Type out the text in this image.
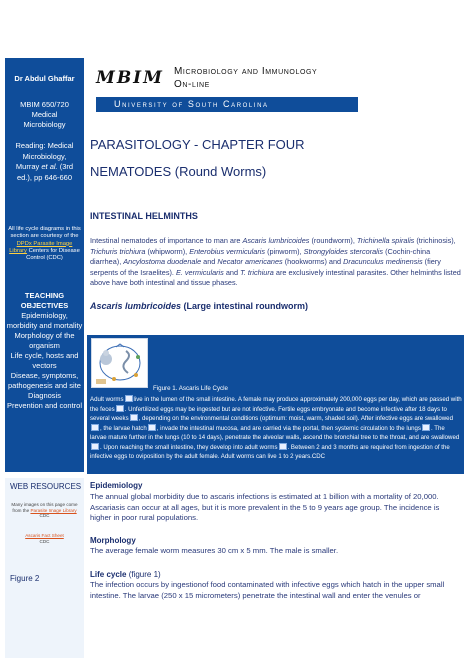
Dr Abdul Ghaffar
MBIM 650/720
Medical
Microbiology
Reading: Medical
Microbiology,
Murray et al. (3rd
ed.), pp 646-660
All life cycle diagrams in this section are courtesy of the DPDx Parasite Image Library Centers for Disease Control (CDC)
TEACHING OBJECTIVES
Epidemiology, morbidity and mortality
Morphology of the organism
Life cycle, hosts and vectors
Disease, symptoms, pathogenesis and site
Diagnosis
Prevention and control
WEB RESOURCES
Many images on this page come from the Parasite Image Library
CDC
Ascaris Fact Sheet
CDC
Figure 2
MBIM Microbiology and Immunology
On-line
University of South Carolina
PARASITOLOGY - CHAPTER FOUR
NEMATODES (Round Worms)
INTESTINAL HELMINTHS
Intestinal nematodes of importance to man are Ascaris lumbricoides (roundworm), Trichinella spiralis (trichinosis), Trichuris trichiura (whipworm), Enterobius vermicularis (pinworm), Strongyloides stercoralis (Cochin-china diarrhea), Ancylostoma duodenale and Necator americanes (hookworms) and Dracunculus medinensis (fiery serpents of the Israelites). E. vermicularis and T. trichiura are exclusively intestinal parasites. Other helminths listed above have both intestinal and tissue phases.
Ascaris lumbricoides (Large intestinal roundworm)
Figure 1. Ascaris Life Cycle
Adult worms live in the lumen of the small intestine. A female may produce approximately 200,000 eggs per day, which are passed with the feces . Unfertilized eggs may be ingested but are not infective. Fertile eggs embryonate and become infective after 18 days to several weeks , depending on the environmental conditions (optimum: moist, warm, shaded soil). After infective eggs are swallowed, the larvae hatch , invade the intestinal mucosa, and are carried via the portal, then systemic circulation to the lungs . The larvae mature further in the lungs (10 to 14 days), penetrate the alveolar walls, ascend the bronchial tree to the throat, and are swallowed. Upon reaching the small intestine, they develop into adult worms . Between 2 and 3 months are required from ingestion of the infective eggs to oviposition by the adult female. Adult worms can live 1 to 2 years.CDC
Epidemiology
The annual global morbidity due to ascaris infections is estimated at 1 billion with a mortality of 20,000. Ascariasis can occur at all ages, but it is more prevalent in the 5 to 9 years age group. The incidence is higher in poor rural populations.
Morphology
The average female worm measures 30 cm x 5 mm. The male is smaller.
Life cycle (figure 1)
The infection occurs by ingestionof food contaminated with infective eggs which hatch in the upper small intestine. The larvae (250 x 15 micrometers) penetrate the intestinal wall and enter the venules or
